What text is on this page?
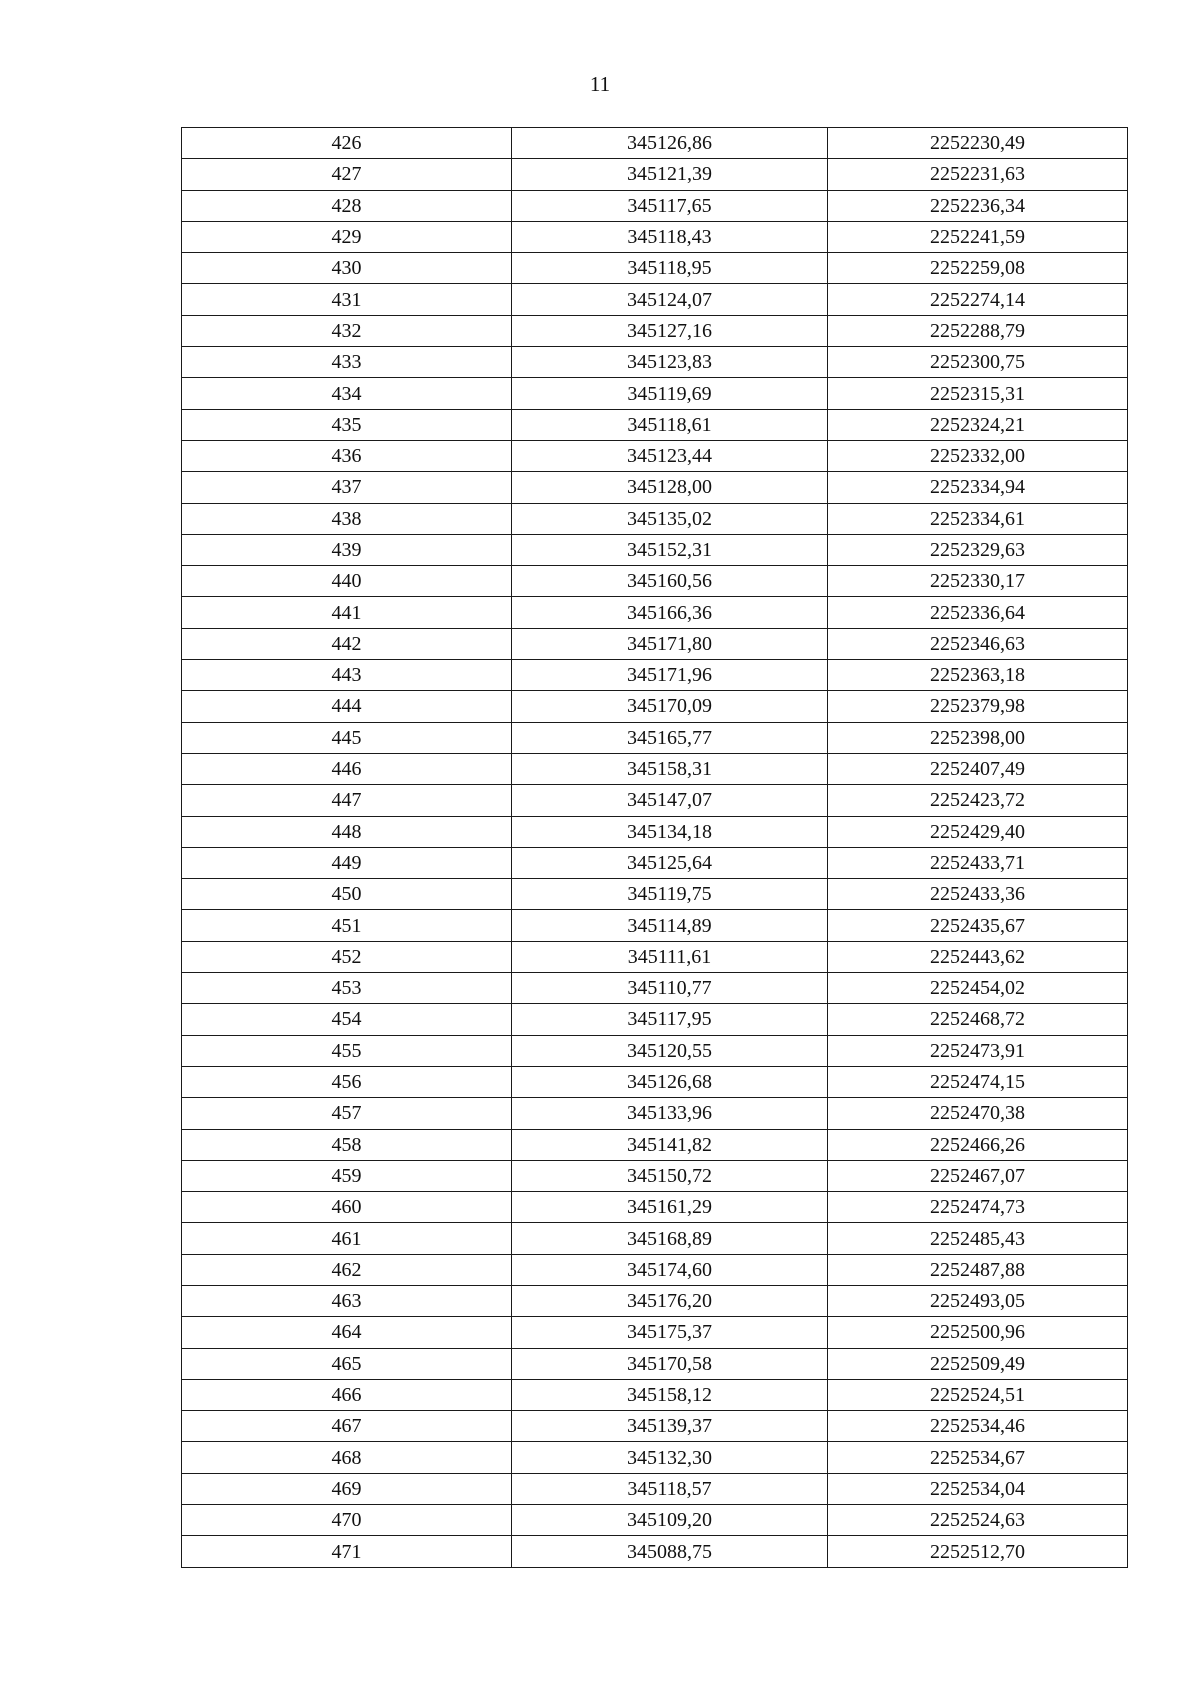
11
426	345126,86	2252230,49
427	345121,39	2252231,63
428	345117,65	2252236,34
429	345118,43	2252241,59
430	345118,95	2252259,08
431	345124,07	2252274,14
432	345127,16	2252288,79
433	345123,83	2252300,75
434	345119,69	2252315,31
435	345118,61	2252324,21
436	345123,44	2252332,00
437	345128,00	2252334,94
438	345135,02	2252334,61
439	345152,31	2252329,63
440	345160,56	2252330,17
441	345166,36	2252336,64
442	345171,80	2252346,63
443	345171,96	2252363,18
444	345170,09	2252379,98
445	345165,77	2252398,00
446	345158,31	2252407,49
447	345147,07	2252423,72
448	345134,18	2252429,40
449	345125,64	2252433,71
450	345119,75	2252433,36
451	345114,89	2252435,67
452	345111,61	2252443,62
453	345110,77	2252454,02
454	345117,95	2252468,72
455	345120,55	2252473,91
456	345126,68	2252474,15
457	345133,96	2252470,38
458	345141,82	2252466,26
459	345150,72	2252467,07
460	345161,29	2252474,73
461	345168,89	2252485,43
462	345174,60	2252487,88
463	345176,20	2252493,05
464	345175,37	2252500,96
465	345170,58	2252509,49
466	345158,12	2252524,51
467	345139,37	2252534,46
468	345132,30	2252534,67
469	345118,57	2252534,04
470	345109,20	2252524,63
471	345088,75	2252512,70
